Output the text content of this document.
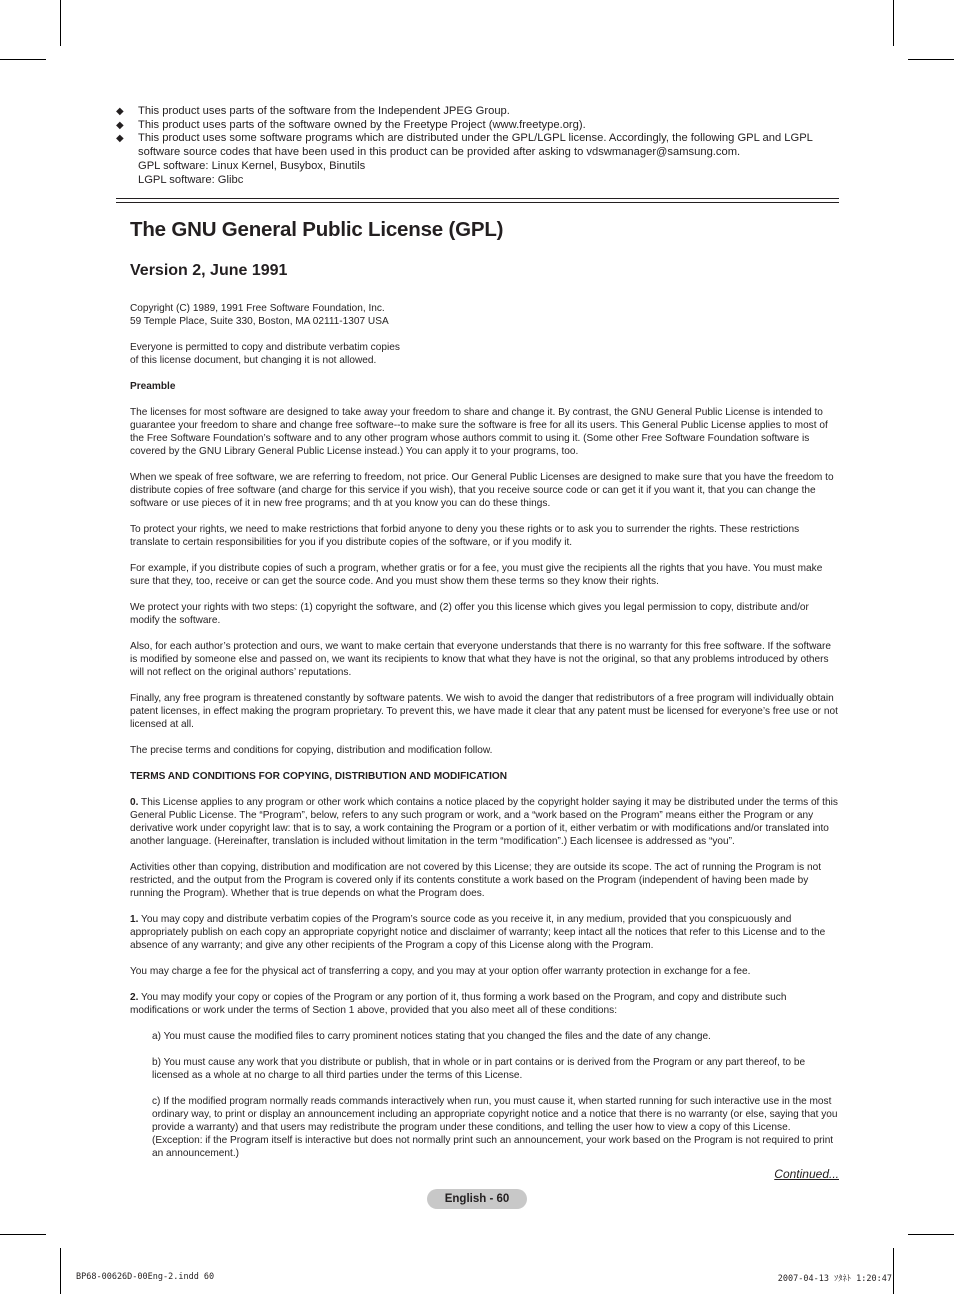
◆	This product uses parts of the software from the Independent JPEG Group.
◆	This product uses parts of the software owned by the Freetype Project (www.freetype.org).
◆	This product uses some software programs which are distributed under the GPL/LGPL license. Accordingly, the following GPL and LGPL software source codes that have been used in this product can be provided after asking to vdswmanager@samsung.com.
GPL software: Linux Kernel, Busybox, Binutils
LGPL software: Glibc
The GNU General Public License (GPL)
Version 2, June 1991

Copyright (C) 1989, 1991 Free Software Foundation, Inc.
59 Temple Place, Suite 330, Boston, MA 02111-1307 USA

Everyone is permitted to copy and distribute verbatim copies
of this license document, but changing it is not allowed.

Preamble

The licenses for most software are designed to take away your freedom to share and change it. By contrast, the GNU General Public License is intended to guarantee your freedom to share and change free software--to make sure the software is free for all its users. This General Public License applies to most of the Free Software Foundation’s software and to any other program whose authors commit to using it. (Some other Free Software Foundation software is covered by the GNU Library General Public License instead.) You can apply it to your programs, too.

When we speak of free software, we are referring to freedom, not price. Our General Public Licenses are designed to make sure that you have the freedom to distribute copies of free software (and charge for this service if you wish), that you receive source code or can get it if you want it, that you can change the software or use pieces of it in new free programs; and th at you know you can do these things.

To protect your rights, we need to make restrictions that forbid anyone to deny you these rights or to ask you to surrender the rights. These restrictions translate to certain responsibilities for you if you distribute copies of the software, or if you modify it.

For example, if you distribute copies of such a program, whether gratis or for a fee, you must give the recipients all the rights that you have. You must make sure that they, too, receive or can get the source code. And you must show them these terms so they know their rights.

We protect your rights with two steps: (1) copyright the software, and (2) offer you this license which gives you legal permission to copy, distribute and/or modify the software.

Also, for each author’s protection and ours, we want to make certain that everyone understands that there is no warranty for this free software. If the software is modified by someone else and passed on, we want its recipients to know that what they have is not the original, so that any problems introduced by others will not reflect on the original authors’ reputations.

Finally, any free program is threatened constantly by software patents. We wish to avoid the danger that redistributors of a free program will individually obtain patent licenses, in effect making the program proprietary. To prevent this, we have made it clear that any patent must be licensed for everyone’s free use or not licensed at all.

The precise terms and conditions for copying, distribution and modification follow.

TERMS AND CONDITIONS FOR COPYING, DISTRIBUTION AND MODIFICATION

0. This License applies to any program or other work which contains a notice placed by the copyright holder saying it may be distributed under the terms of this General Public License. The “Program”, below, refers to any such program or work, and a “work based on the Program” means either the Program or any derivative work under copyright law: that is to say, a work containing the Program or a portion of it, either verbatim or with modifications and/or translated into another language. (Hereinafter, translation is included without limitation in the term “modification”.) Each licensee is addressed as “you”.

Activities other than copying, distribution and modification are not covered by this License; they are outside its scope. The act of running the Program is not restricted, and the output from the Program is covered only if its contents constitute a work based on the Program (independent of having been made by running the Program). Whether that is true depends on what the Program does.

1. You may copy and distribute verbatim copies of the Program’s source code as you receive it, in any medium, provided that you conspicuously and appropriately publish on each copy an appropriate copyright notice and disclaimer of warranty; keep intact all the notices that refer to this License and to the absence of any warranty; and give any other recipients of the Program a copy of this License along with the Program.

You may charge a fee for the physical act of transferring a copy, and you may at your option offer warranty protection in exchange for a fee.

2. You may modify your copy or copies of the Program or any portion of it, thus forming a work based on the Program, and copy and distribute such modifications or work under the terms of Section 1 above, provided that you also meet all of these conditions:

a) You must cause the modified files to carry prominent notices stating that you changed the files and the date of any change.

b) You must cause any work that you distribute or publish, that in whole or in part contains or is derived from the Program or any part thereof, to be licensed as a whole at no charge to all third parties under the terms of this License.

c) If the modified program normally reads commands interactively when run, you must cause it, when started running for such interactive use in the most ordinary way, to print or display an announcement including an appropriate copyright notice and a notice that there is no warranty (or else, saying that you provide a warranty) and that users may redistribute the program under these conditions, and telling the user how to view a copy of this License. (Exception: if the Program itself is interactive but does not normally print such an announcement, your work based on the Program is not required to print an announcement.)

Continued...
English - 60
BP68-00626D-00Eng-2.indd 60	2007-04-13 ｿﾀﾈﾄ 1:20:47
